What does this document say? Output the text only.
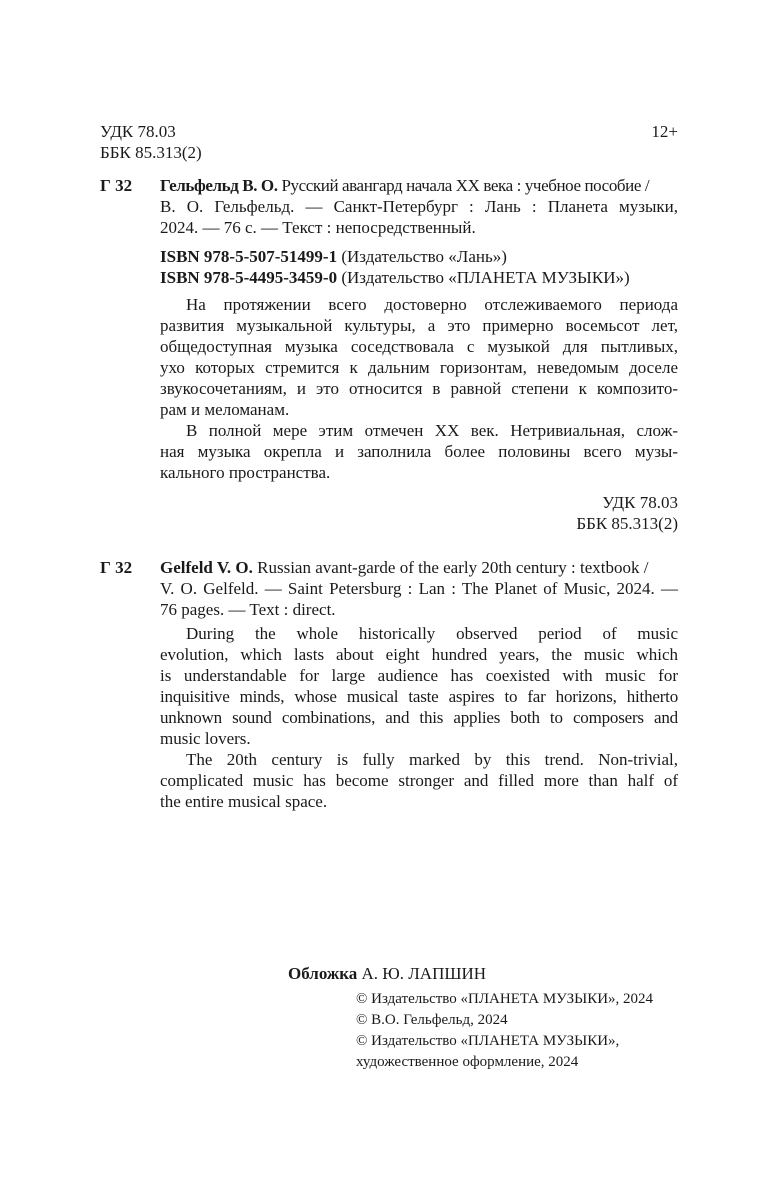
УДК 78.03
ББК 85.313(2)
12+
Г 32 Гельфельд В. О. Русский авангард начала XX века : учебное пособие /
В. О. Гельфельд. — Санкт-Петербург : Лань : Планета музыки,
2024. — 76 с. — Текст : непосредственный.
ISBN 978-5-507-51499-1 (Издательство «Лань»)
ISBN 978-5-4495-3459-0 (Издательство «ПЛАНЕТА МУЗЫКИ»)
На протяжении всего достоверно отслеживаемого периода
развития музыкальной культуры, а это примерно восемьсот лет,
общедоступная музыка соседствовала с музыкой для пытливых,
ухо которых стремится к дальним горизонтам, неведомым доселе
звукосочетаниям, и это относится в равной степени к композито-
рам и меломанам.
В полной мере этим отмечен XX век. Нетривиальная, слож-
ная музыка окрепла и заполнила более половины всего музы-
кального пространства.
УДК 78.03
ББК 85.313(2)
Г 32 Gelfeld V. O. Russian avant-garde of the early 20th century : textbook /
V. O. Gelfeld. — Saint Petersburg : Lan : The Planet of Music, 2024. —
76 pages. — Text : direct.
During the whole historically observed period of music
evolution, which lasts about eight hundred years, the music which
is understandable for large audience has coexisted with music for
inquisitive minds, whose musical taste aspires to far horizons, hitherto
unknown sound combinations, and this applies both to composers and
music lovers.
The 20th century is fully marked by this trend. Non-trivial,
complicated music has become stronger and filled more than half of
the entire musical space.
Обложка А. Ю. ЛАПШИН
© Издательство «ПЛАНЕТА МУЗЫКИ», 2024
© В.О. Гельфельд, 2024
© Издательство «ПЛАНЕТА МУЗЫКИ»,
художественное оформление, 2024
